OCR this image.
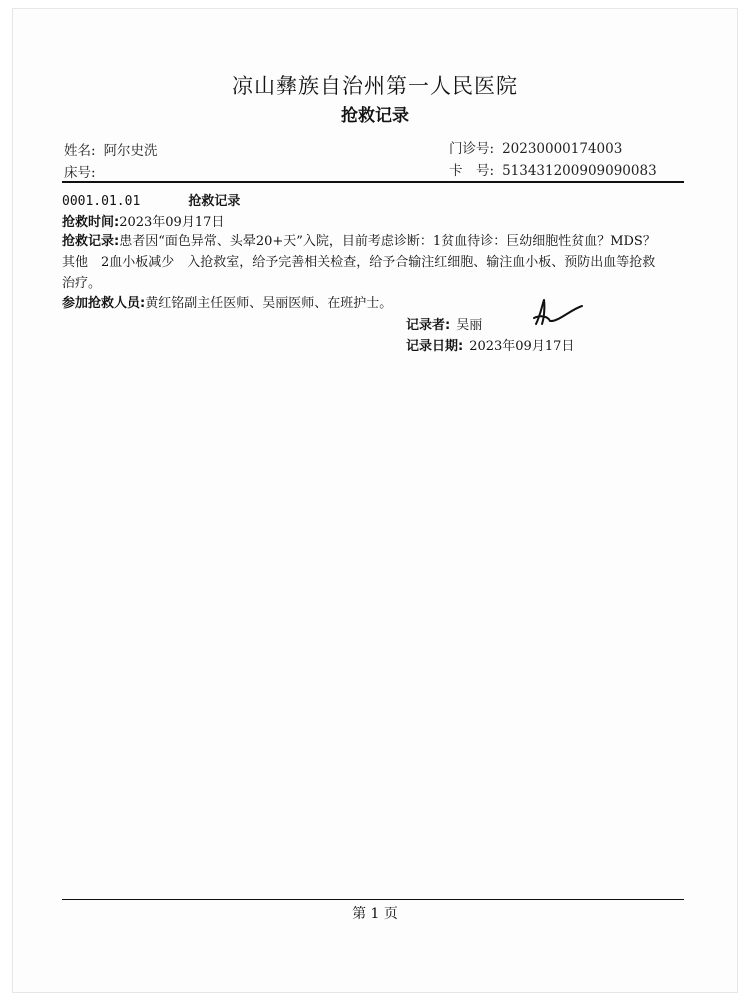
凉山彝族自治州第一人民医院
抢救记录
姓名: 阿尔史洗
床号:
门诊号: 20230000174003
卡　号: 513431200909090083
0001.01.01	抢救记录
抢救时间:2023年09月17日
抢救记录:患者因“面色异常、头晕20+天”入院，目前考虑诊断：1贫血待诊：巨幼细胞性贫血？MDS？其他　2血小板减少　入抢救室，给予完善相关检查，给予合输注红细胞、输注血小板、预防出血等抢救治疗。
参加抢救人员:黄红铭副主任医师、吴丽医师、在班护士。
记录者: 吴丽
记录日期: 2023年09月17日
第 1 页
